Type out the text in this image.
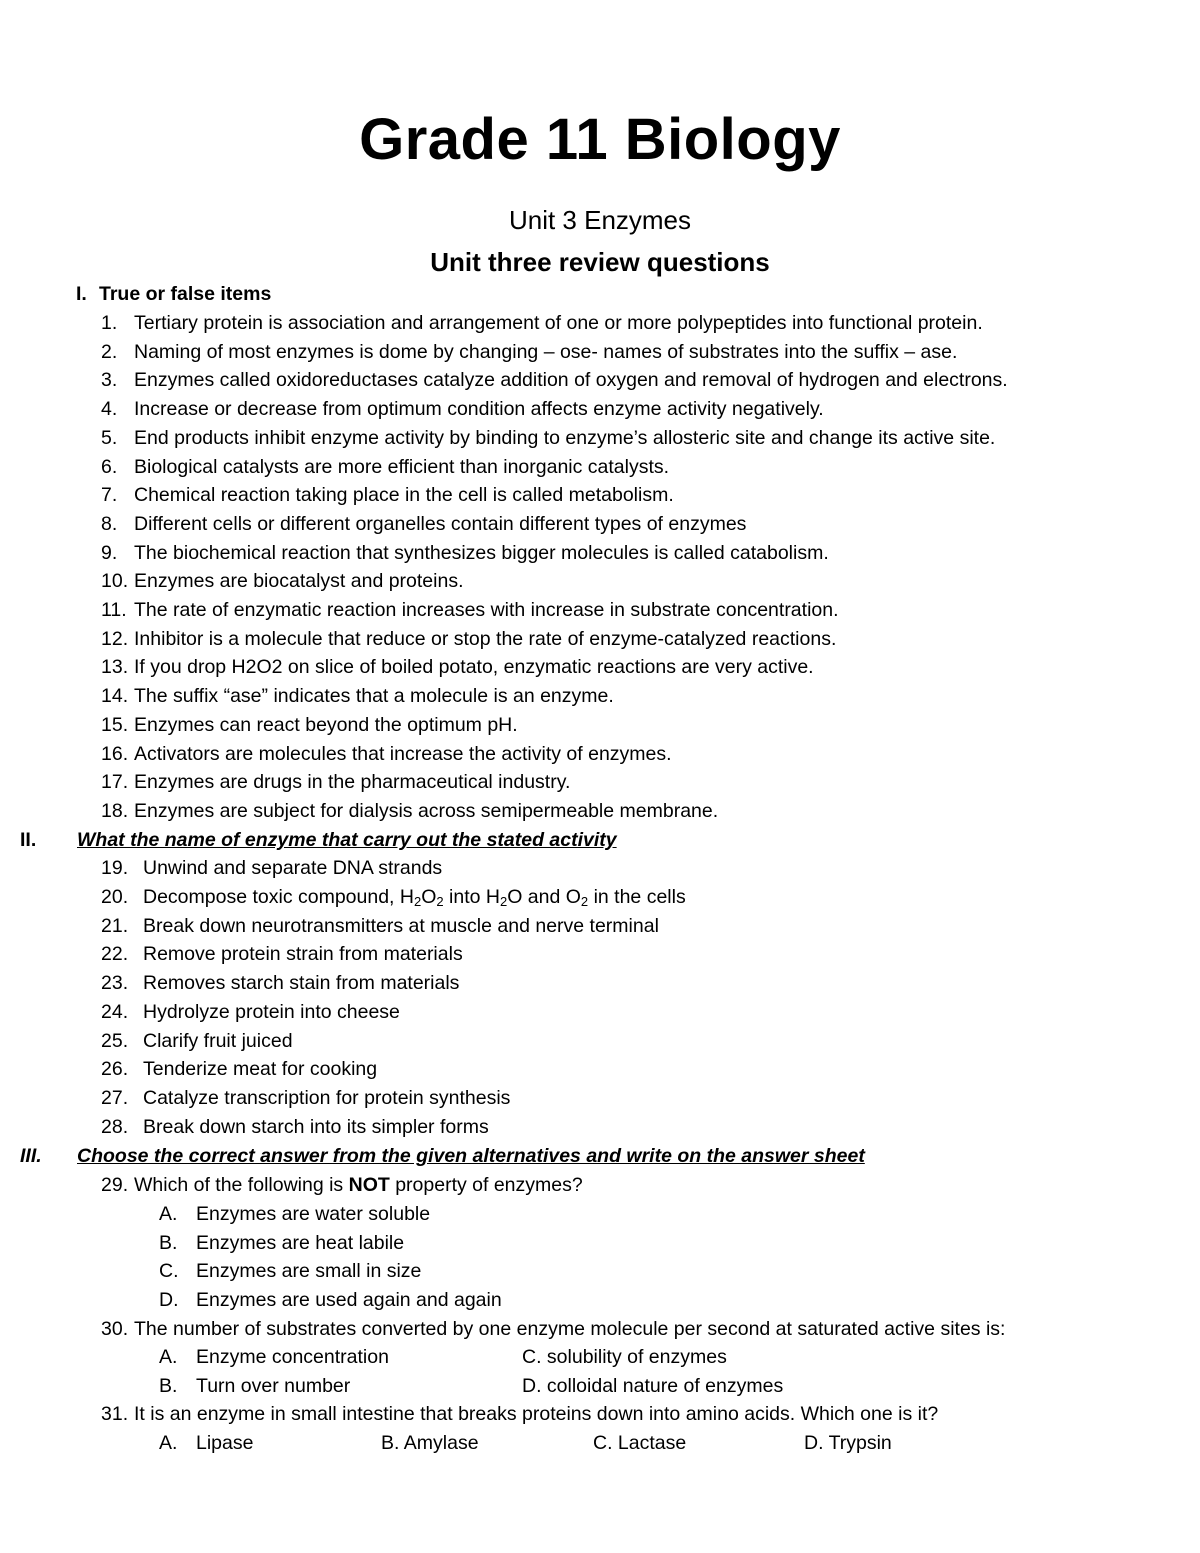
Grade 11 Biology
Unit 3 Enzymes
Unit three review questions
I. True or false items
1. Tertiary protein is association and arrangement of one or more polypeptides into functional protein.
2. Naming of most enzymes is dome by changing – ose- names of substrates into the suffix – ase.
3. Enzymes called oxidoreductases catalyze addition of oxygen and removal of hydrogen and electrons.
4. Increase or decrease from optimum condition affects enzyme activity negatively.
5. End products inhibit enzyme activity by binding to enzyme’s allosteric site and change its active site.
6. Biological catalysts are more efficient than inorganic catalysts.
7. Chemical reaction taking place in the cell is called metabolism.
8. Different cells or different organelles contain different types of enzymes
9. The biochemical reaction that synthesizes bigger molecules is called catabolism.
10. Enzymes are biocatalyst and proteins.
11. The rate of enzymatic reaction increases with increase in substrate concentration.
12. Inhibitor is a molecule that reduce or stop the rate of enzyme-catalyzed reactions.
13. If you drop H2O2 on slice of boiled potato, enzymatic reactions are very active.
14. The suffix “ase” indicates that a molecule is an enzyme.
15. Enzymes can react beyond the optimum pH.
16. Activators are molecules that increase the activity of enzymes.
17. Enzymes are drugs in the pharmaceutical industry.
18. Enzymes are subject for dialysis across semipermeable membrane.
II. What the name of enzyme that carry out the stated activity
19. Unwind and separate DNA strands
20. Decompose toxic compound, $H_2O_2$ into $H_2O$ and $O_2$ in the cells
21. Break down neurotransmitters at muscle and nerve terminal
22. Remove protein strain from materials
23. Removes starch stain from materials
24. Hydrolyze protein into cheese
25. Clarify fruit juiced
26. Tenderize meat for cooking
27. Catalyze transcription for protein synthesis
28. Break down starch into its simpler forms
III. Choose the correct answer from the given alternatives and write on the answer sheet
29. Which of the following is NOT property of enzymes?
A. Enzymes are water soluble
B. Enzymes are heat labile
C. Enzymes are small in size
D. Enzymes are used again and again
30. The number of substrates converted by one enzyme molecule per second at saturated active sites is:
A. Enzyme concentration	C. solubility of enzymes
B. Turn over number	D. colloidal nature of enzymes
31. It is an enzyme in small intestine that breaks proteins down into amino acids. Which one is it?
A. Lipase	B. Amylase	C. Lactase	D. Trypsin
